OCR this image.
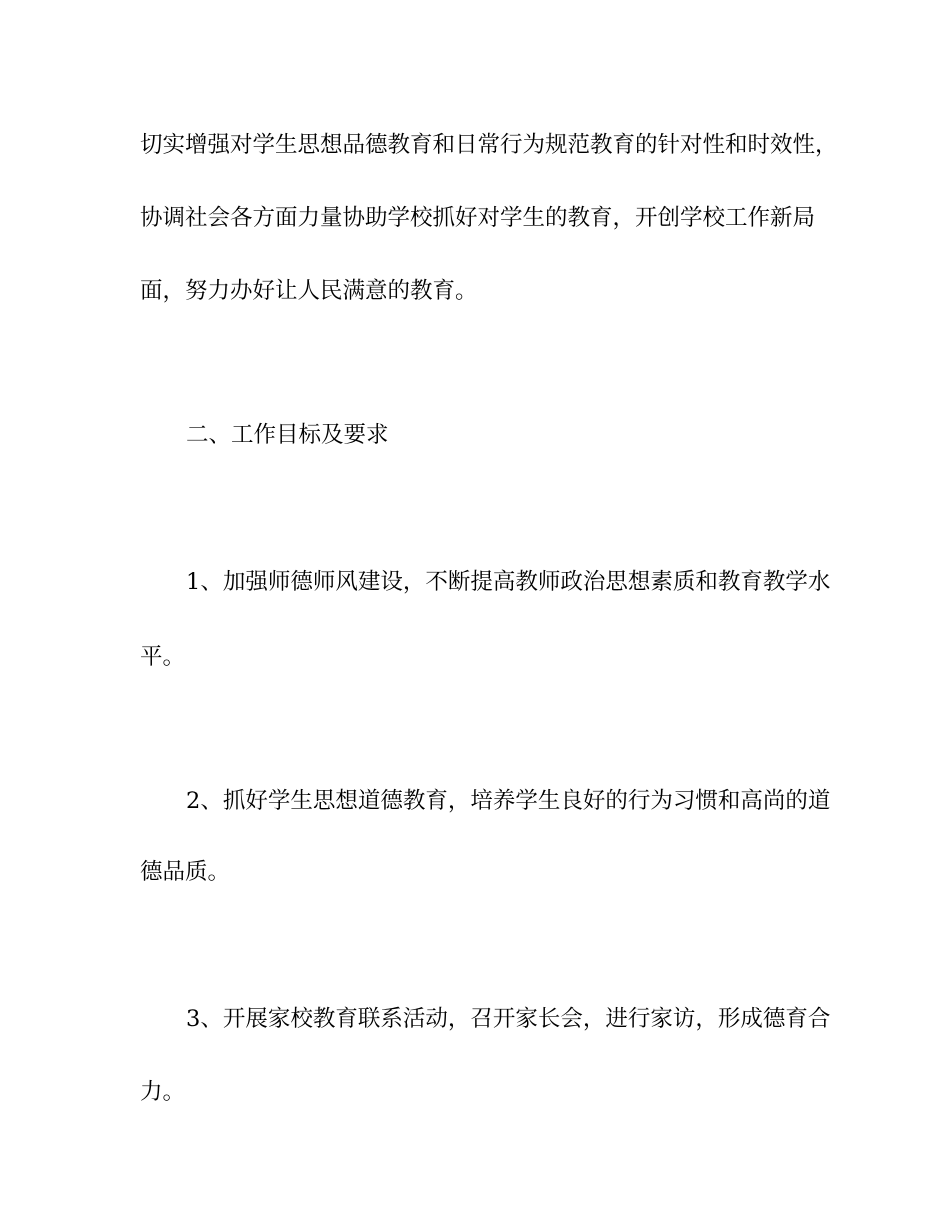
切实增强对学生思想品德教育和日常行为规范教育的针对性和时效性，
协调社会各方面力量协助学校抓好对学生的教育，开创学校工作新局
面，努力办好让人民满意的教育。
二、工作目标及要求
1、加强师德师风建设，不断提高教师政治思想素质和教育教学水
平。
2、抓好学生思想道德教育，培养学生良好的行为习惯和高尚的道
德品质。
3、开展家校教育联系活动，召开家长会，进行家访，形成德育合
力。
